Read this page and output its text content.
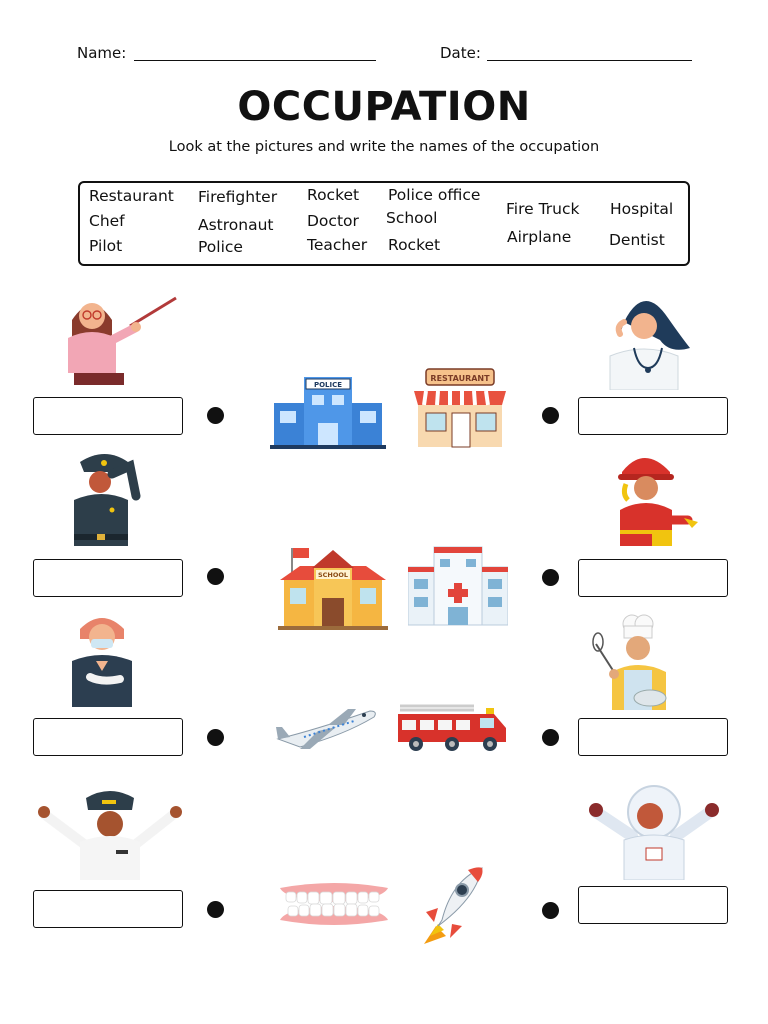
Name:	Date:
OCCUPATION
Look at the pictures and write the names of the occupation
Restaurant
Chef
Pilot
Firefighter
Astronaut
Police
Rocket
Doctor
Teacher
Police office
School
Rocket
Fire Truck
Airplane
Hospital
Dentist
POLICE
RESTAURANT
SCHOOL
